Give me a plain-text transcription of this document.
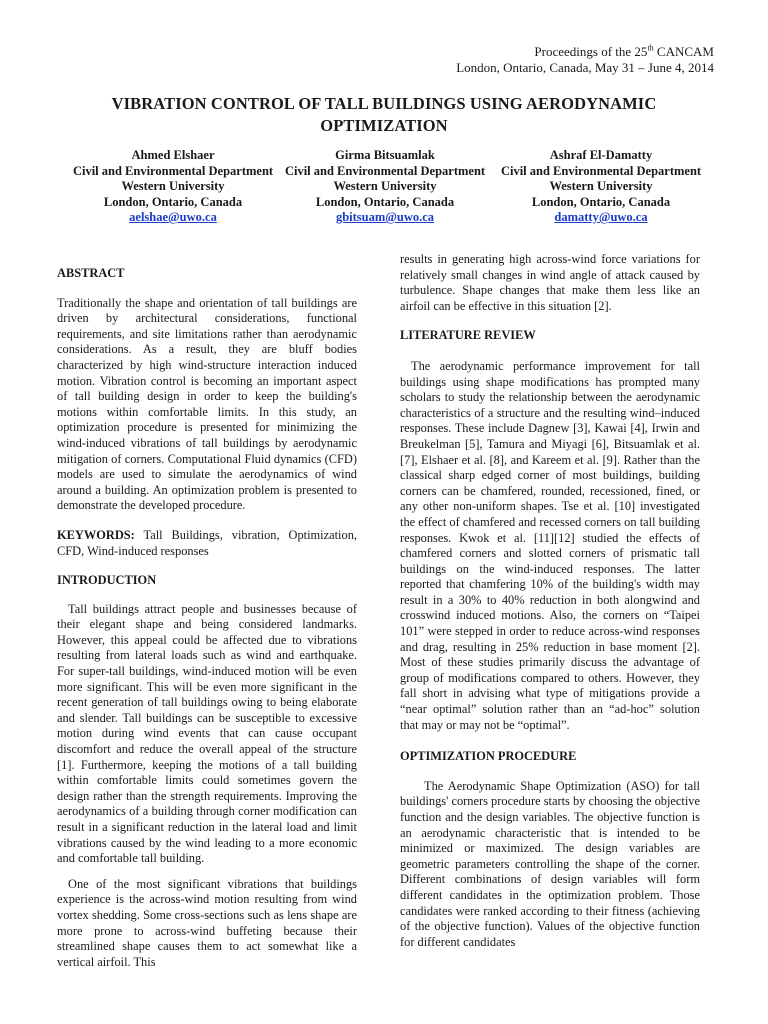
Proceedings of the 25th CANCAM
London, Ontario, Canada, May 31 – June 4, 2014
VIBRATION CONTROL OF TALL BUILDINGS USING AERODYNAMIC OPTIMIZATION
Ahmed Elshaer
Civil and Environmental Department
Western University
London, Ontario, Canada
aelshae@uwo.ca
Girma Bitsuamlak
Civil and Environmental Department
Western University
London, Ontario, Canada
gbitsuam@uwo.ca
Ashraf El-Damatty
Civil and Environmental Department
Western University
London, Ontario, Canada
damatty@uwo.ca

ABSTRACT

Traditionally the shape and orientation of tall buildings are driven by architectural considerations, functional requirements, and site limitations rather than aerodynamic considerations. As a result, they are bluff bodies characterized by high wind-structure interaction induced motion. Vibration control is becoming an important aspect of tall building design in order to keep the building's motions within comfortable limits. In this study, an optimization procedure is presented for minimizing the wind-induced vibrations of tall buildings by aerodynamic mitigation of corners. Computational Fluid dynamics (CFD) models are used to simulate the aerodynamics of wind around a building. An optimization problem is presented to demonstrate the developed procedure.

KEYWORDS: Tall Buildings, vibration, Optimization, CFD, Wind-induced responses

INTRODUCTION

Tall buildings attract people and businesses because of their elegant shape and being considered landmarks. However, this appeal could be affected due to vibrations resulting from lateral loads such as wind and earthquake. For super-tall buildings, wind-induced motion will be even more significant. This will be even more significant in the recent generation of tall buildings owing to being elaborate and slender. Tall buildings can be susceptible to excessive motion during wind events that can cause occupant discomfort and reduce the overall appeal of the structure [1]. Furthermore, keeping the motions of a tall building within comfortable limits could sometimes govern the design rather than the strength requirements. Improving the aerodynamics of a building through corner modification can result in a significant reduction in the lateral load and limit vibrations caused by the wind leading to a more economic and comfortable tall building.

One of the most significant vibrations that buildings experience is the across-wind motion resulting from wind vortex shedding. Some cross-sections such as lens shape are more prone to across-wind buffeting because their streamlined shape causes them to act somewhat like a vertical airfoil. This

results in generating high across-wind force variations for relatively small changes in wind angle of attack caused by turbulence. Shape changes that make them less like an airfoil can be effective in this situation [2].

LITERATURE REVIEW

The aerodynamic performance improvement for tall buildings using shape modifications has prompted many scholars to study the relationship between the aerodynamic characteristics of a structure and the resulting wind–induced responses. These include Dagnew [3], Kawai [4], Irwin and Breukelman [5], Tamura and Miyagi [6], Bitsuamlak et al. [7], Elshaer et al. [8], and Kareem et al. [9]. Rather than the classical sharp edged corner of most buildings, building corners can be chamfered, rounded, recessioned, fined, or any other non-uniform shapes. Tse et al. [10] investigated the effect of chamfered and recessed corners on tall building responses. Kwok et al. [11][12] studied the effects of chamfered corners and slotted corners of prismatic tall buildings on the wind-induced responses. The latter reported that chamfering 10% of the building's width may result in a 30% to 40% reduction in both alongwind and crosswind induced motions. Also, the corners on “Taipei 101” were stepped in order to reduce across-wind responses and drag, resulting in 25% reduction in base moment [2]. Most of these studies primarily discuss the advantage of group of modifications compared to others. However, they fall short in advising what type of mitigations provide a “near optimal” solution rather than an “ad-hoc” solution that may or may not be “optimal”.

OPTIMIZATION PROCEDURE

The Aerodynamic Shape Optimization (ASO) for tall buildings' corners procedure starts by choosing the objective function and the design variables. The objective function is an aerodynamic characteristic that is intended to be minimized or maximized. The design variables are geometric parameters controlling the shape of the corner. Different combinations of design variables will form different candidates in the optimization problem. Those candidates were ranked according to their fitness (achieving of the objective function). Values of the objective function for different candidates
